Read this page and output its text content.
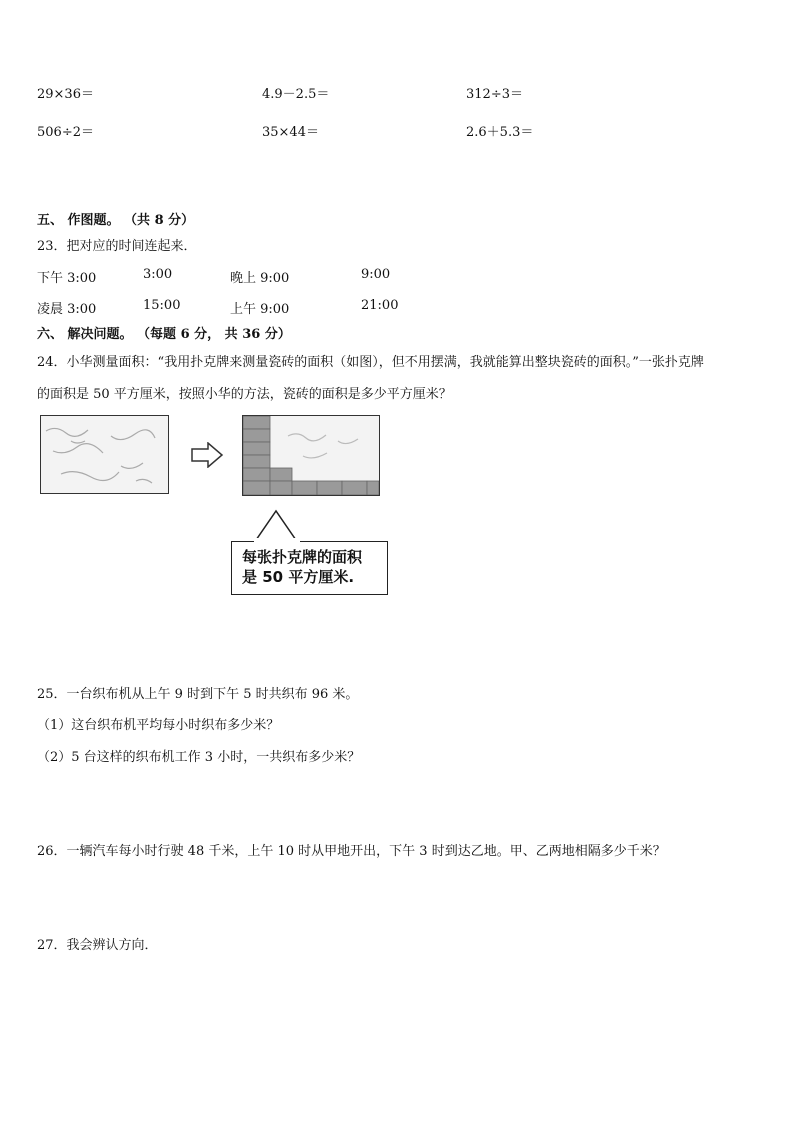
29×36＝	4.9－2.5＝	312÷3＝
506÷2＝	35×44＝	2.6＋5.3＝
五、 作图题。 （共 8 分）
23．把对应的时间连起来．
下午 3:00	3:00	晚上 9:00	9:00
凌晨 3:00	15:00	上午 9:00	21:00
六、 解决问题。 （每题 6 分， 共 36 分）
24．小华测量面积：“我用扑克牌来测量瓷砖的面积（如图），但不用摆满，我就能算出整块瓷砖的面积。”一张扑克牌
的面积是 50 平方厘米，按照小华的方法，瓷砖的面积是多少平方厘米？
每张扑克牌的面积
是 50 平方厘米.
25．一台织布机从上午 9 时到下午 5 时共织布 96 米。
（1）这台织布机平均每小时织布多少米？
（2）5 台这样的织布机工作 3 小时，一共织布多少米？
26．一辆汽车每小时行驶 48 千米，上午 10 时从甲地开出，下午 3 时到达乙地。甲、乙两地相隔多少千米？
27．我会辨认方向．
